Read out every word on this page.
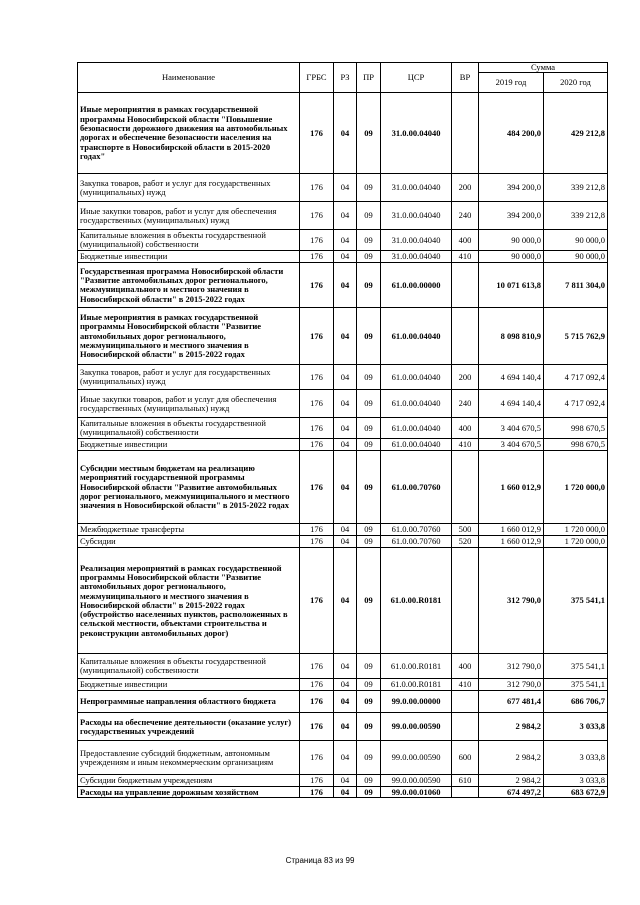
Наименование	ГРБС	РЗ	ПР	ЦСР	ВР	Сумма	
						2019 год	2020 год
Иные мероприятия в рамках государственной программы Новосибирской области "Повышение безопасности дорожного движения на автомобильных дорогах и обеспечение безопасности населения на транспорте в Новосибирской области в 2015-2020 годах"	176	04	09	31.0.00.04040		484 200,0	429 212,8
Закупка товаров, работ и услуг для государственных (муниципальных) нужд	176	04	09	31.0.00.04040	200	394 200,0	339 212,8
Иные закупки товаров, работ и услуг для обеспечения государственных (муниципальных) нужд	176	04	09	31.0.00.04040	240	394 200,0	339 212,8
Капитальные вложения в объекты государственной (муниципальной) собственности	176	04	09	31.0.00.04040	400	90 000,0	90 000,0
Бюджетные инвестиции	176	04	09	31.0.00.04040	410	90 000,0	90 000,0
Государственная программа Новосибирской области "Развитие автомобильных дорог регионального, межмуниципального и местного значения в Новосибирской области" в 2015-2022 годах	176	04	09	61.0.00.00000		10 071 613,8	7 811 304,0
Иные мероприятия в рамках государственной программы Новосибирской области "Развитие автомобильных дорог регионального, межмуниципального и местного значения в Новосибирской области" в 2015-2022 годах	176	04	09	61.0.00.04040		8 098 810,9	5 715 762,9
Закупка товаров, работ и услуг для государственных (муниципальных) нужд	176	04	09	61.0.00.04040	200	4 694 140,4	4 717 092,4
Иные закупки товаров, работ и услуг для обеспечения государственных (муниципальных) нужд	176	04	09	61.0.00.04040	240	4 694 140,4	4 717 092,4
Капитальные вложения в объекты государственной (муниципальной) собственности	176	04	09	61.0.00.04040	400	3 404 670,5	998 670,5
Бюджетные инвестиции	176	04	09	61.0.00.04040	410	3 404 670,5	998 670,5
Субсидии местным бюджетам на реализацию мероприятий государственной программы Новосибирской области "Развитие автомобильных дорог регионального, межмуниципального и местного значения в Новосибирской области" в 2015-2022 годах	176	04	09	61.0.00.70760		1 660 012,9	1 720 000,0
Межбюджетные трансферты	176	04	09	61.0.00.70760	500	1 660 012,9	1 720 000,0
Субсидии	176	04	09	61.0.00.70760	520	1 660 012,9	1 720 000,0
Реализация мероприятий в рамках государственной программы Новосибирской области "Развитие автомобильных дорог регионального, межмуниципального и местного значения в Новосибирской области" в 2015-2022 годах (обустройство населенных пунктов, расположенных в сельской местности, объектами строительства и реконструкции автомобильных дорог)	176	04	09	61.0.00.R0181		312 790,0	375 541,1
Капитальные вложения в объекты государственной (муниципальной) собственности	176	04	09	61.0.00.R0181	400	312 790,0	375 541,1
Бюджетные инвестиции	176	04	09	61.0.00.R0181	410	312 790,0	375 541,1
Непрограммные направления областного бюджета	176	04	09	99.0.00.00000		677 481,4	686 706,7
Расходы на обеспечение деятельности (оказание услуг) государственных учреждений	176	04	09	99.0.00.00590		2 984,2	3 033,8
Предоставление субсидий бюджетным, автономным учреждениям и иным некоммерческим организациям	176	04	09	99.0.00.00590	600	2 984,2	3 033,8
Субсидии бюджетным учреждениям	176	04	09	99.0.00.00590	610	2 984,2	3 033,8
Расходы на управление дорожным хозяйством	176	04	09	99.0.00.01060		674 497,2	683 672,9
Страница 83 из 99
